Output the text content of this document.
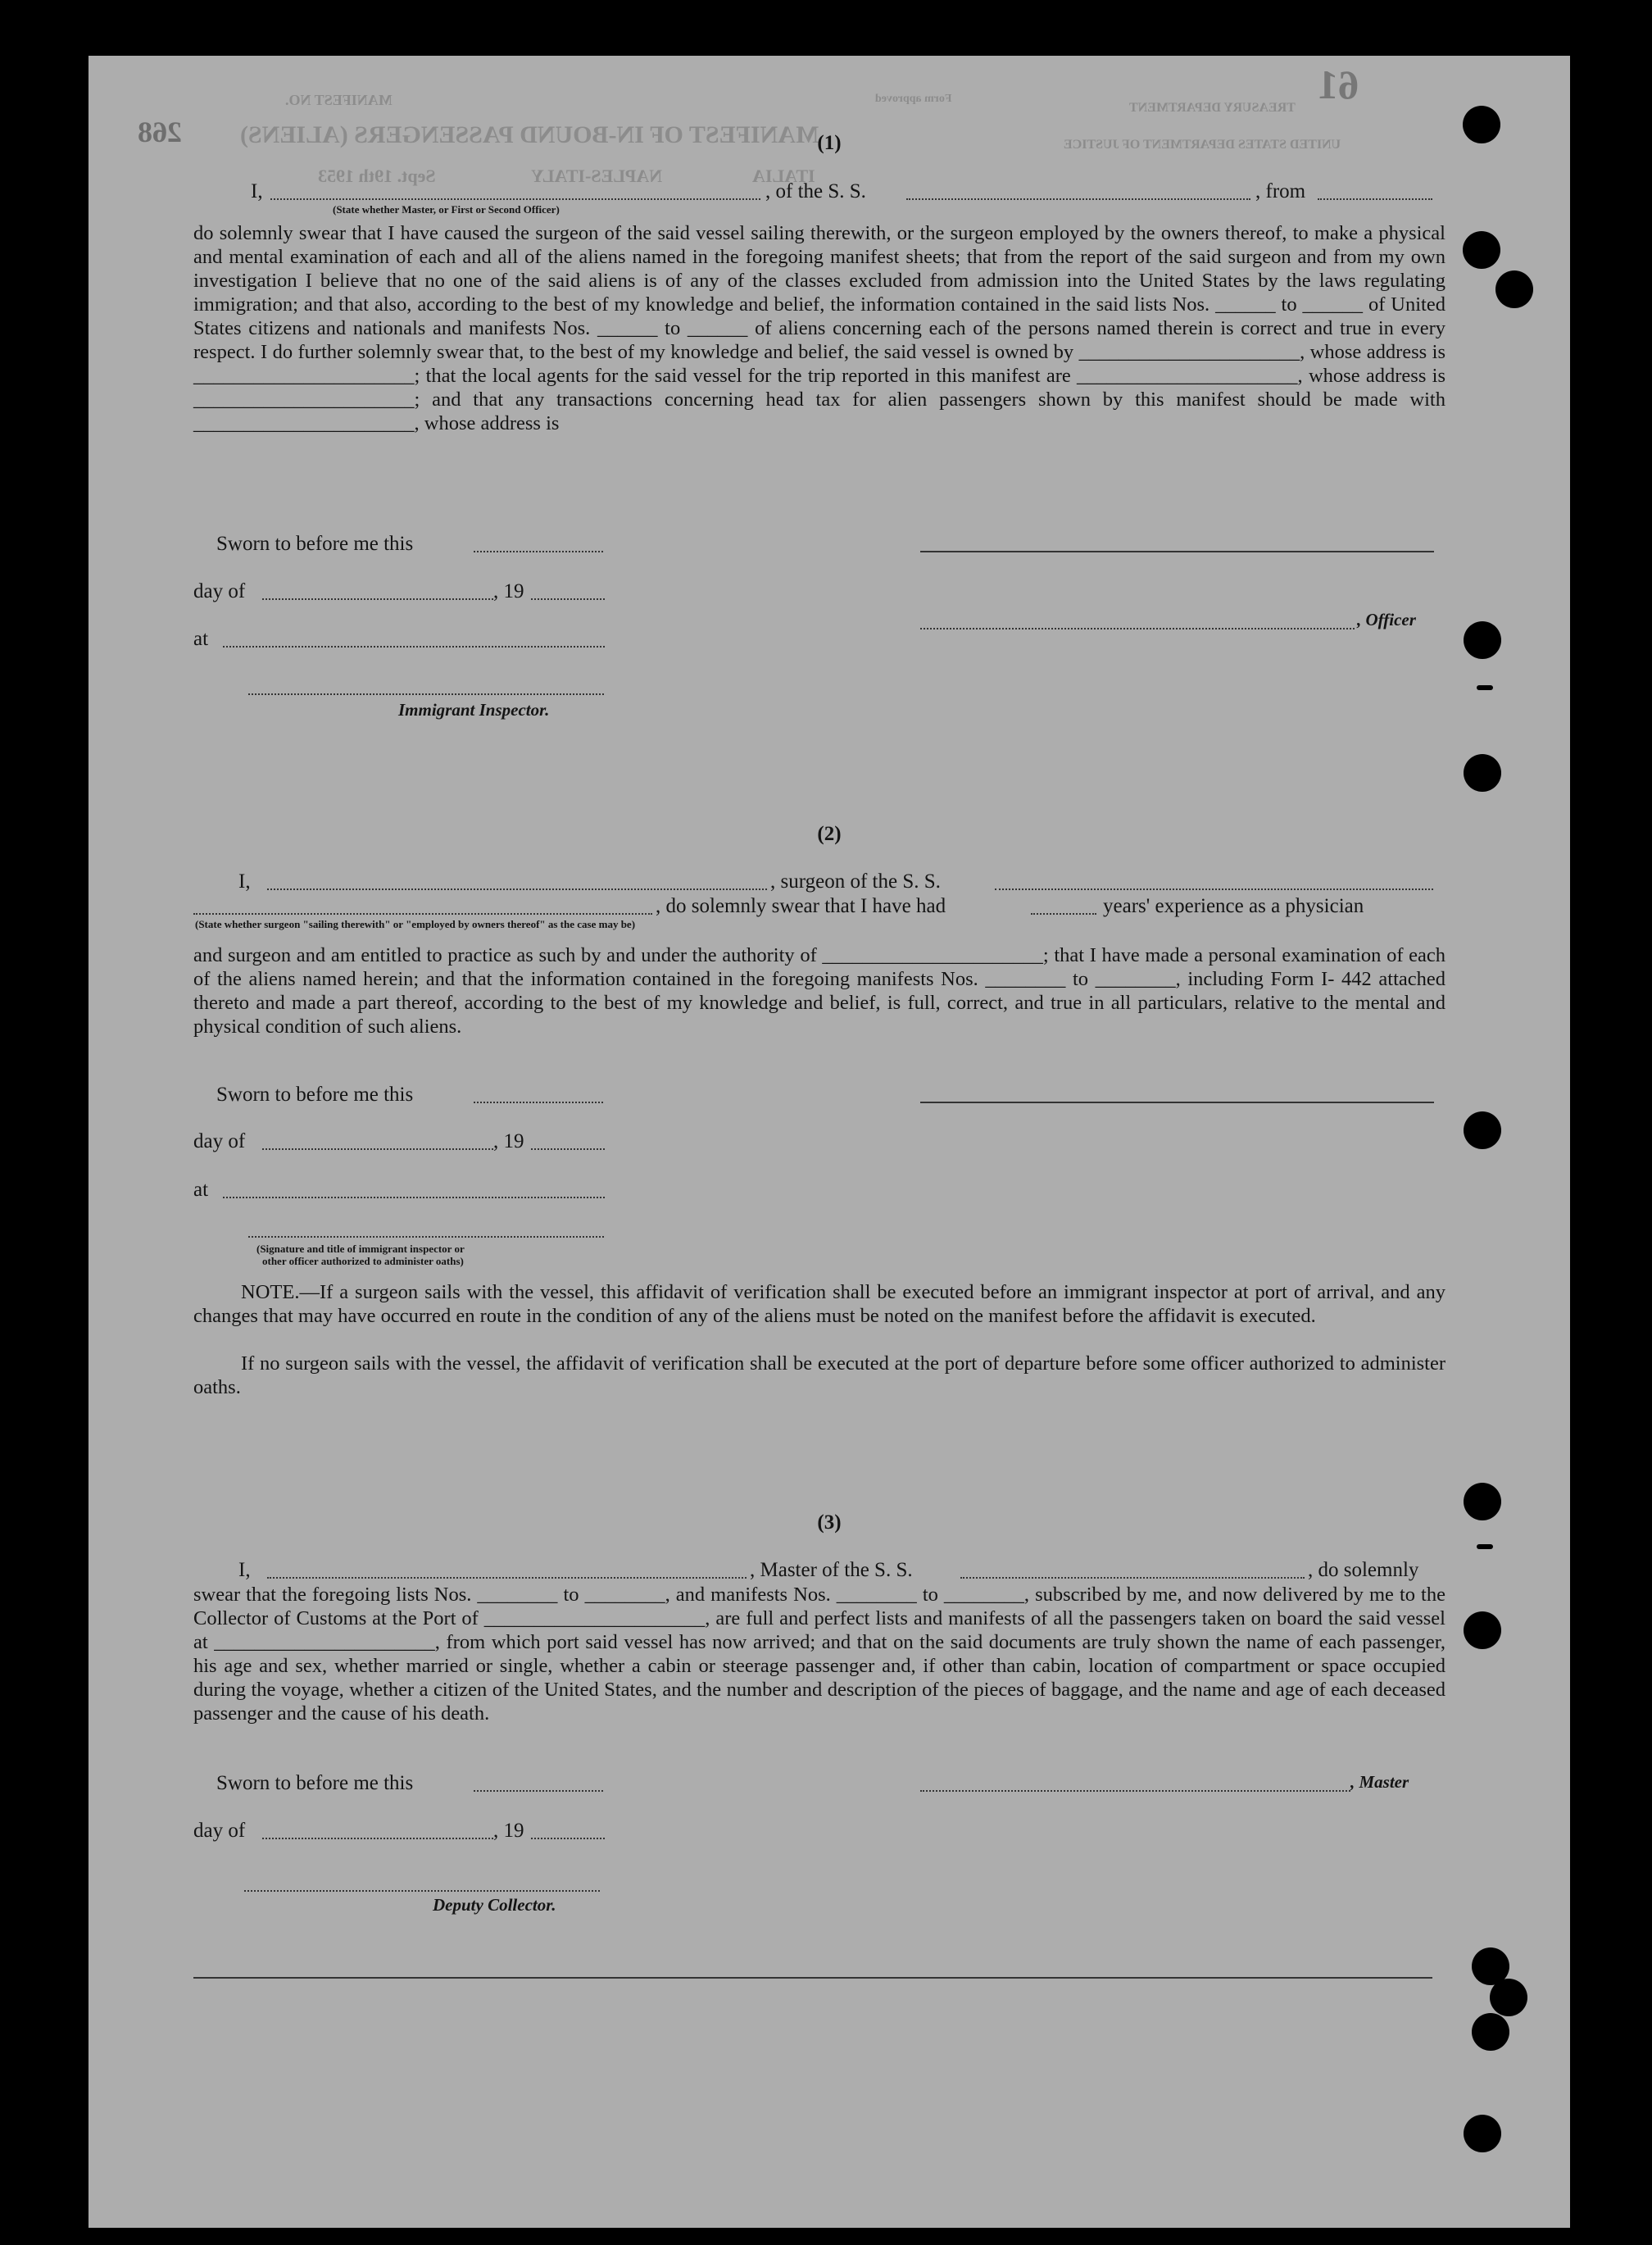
61
268 MANIFEST OF IN-BOUND PASSENGERS (ALIENS)
MANIFEST NO.	TREASURY DEPARTMENT
UNITED STATES DEPARTMENT OF JUSTICE
Form approved
NAPLES-ITALY
Sept. 19th 1953	ITALIA
(1)
I,	, of the S. S.	, from
(State whether Master, or First or Second Officer)
do solemnly swear that I have caused the surgeon of the said vessel sailing therewith, or the surgeon employed by the owners thereof, to make a physical and mental examination of each and all of the aliens named in the foregoing manifest sheets; that from the report of the said surgeon and from my own investigation I believe that no one of the said aliens is of any of the classes excluded from admission into the United States by the laws regulating immigration; and that also, according to the best of my knowledge and belief, the information contained in the said lists Nos. ______ to ______ of United States citizens and nationals and manifests Nos. ______ to ______ of aliens concerning each of the persons named therein is correct and true in every respect. I do further solemnly swear that, to the best of my knowledge and belief, the said vessel is owned by ______________________, whose address is ______________________; that the local agents for the said vessel for the trip reported in this manifest are ______________________, whose address is ______________________; and that any transactions concerning head tax for alien passengers shown by this manifest should be made with ______________________, whose address is
Sworn to before me this
day of	, 19
, Officer
at
Immigrant Inspector.
(2)
I,	, surgeon of the S. S.
, do solemnly swear that I have had	years' experience as a physician
(State whether surgeon "sailing therewith" or "employed by owners thereof" as the case may be)
and surgeon and am entitled to practice as such by and under the authority of ______________________; that I have made a personal examination of each of the aliens named herein; and that the information contained in the foregoing manifests Nos. ________ to ________, including Form I- 442 attached thereto and made a part thereof, according to the best of my knowledge and belief, is full, correct, and true in all particulars, relative to the mental and physical condition of such aliens.
Sworn to before me this
day of	, 19
at
(Signature and title of immigrant inspector or
other officer authorized to administer oaths)
NOTE.—If a surgeon sails with the vessel, this affidavit of verification shall be executed before an immigrant inspector at port of arrival, and any changes that may have occurred en route in the condition of any of the aliens must be noted on the manifest before the affidavit is executed.
If no surgeon sails with the vessel, the affidavit of verification shall be executed at the port of departure before some officer authorized to administer oaths.
(3)
I,	, Master of the S. S.	, do solemnly
swear that the foregoing lists Nos. ________ to ________, and manifests Nos. ________ to ________, subscribed by me, and now delivered by me to the Collector of Customs at the Port of ______________________, are full and perfect lists and manifests of all the passengers taken on board the said vessel at ______________________, from which port said vessel has now arrived; and that on the said documents are truly shown the name of each passenger, his age and sex, whether married or single, whether a cabin or steerage passenger and, if other than cabin, location of compartment or space occupied during the voyage, whether a citizen of the United States, and the number and description of the pieces of baggage, and the name and age of each deceased passenger and the cause of his death.
Sworn to before me this	, Master
day of	, 19
Deputy Collector.
